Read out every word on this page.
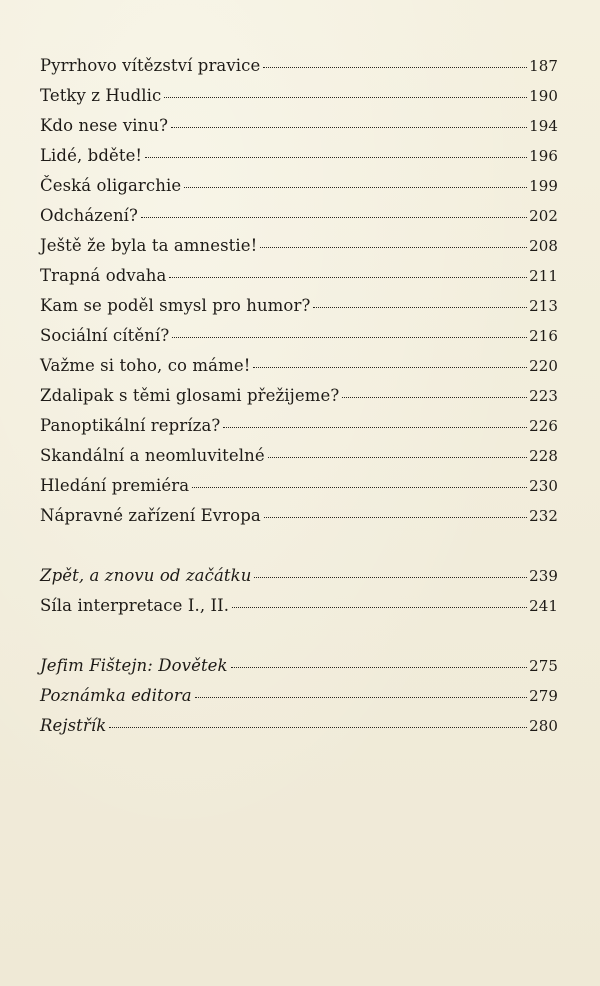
Pyrrhovo vítězství pravice	187
Tetky z Hudlic	190
Kdo nese vinu?	194
Lidé, bděte!	196
Česká oligarchie	199
Odcházení?	202
Ještě že byla ta amnestie!	208
Trapná odvaha	211
Kam se poděl smysl pro humor?	213
Sociální cítění?	216
Važme si toho, co máme!	220
Zdalipak s těmi glosami přežijeme?	223
Panoptikální repríza?	226
Skandální a neomluvitelné	228
Hledání premiéra	230
Nápravné zařízení Evropa	232
Zpět, a znovu od začátku	239
Síla interpretace I., II.	241
Jefim Fištejn: Dovětek	275
Poznámka editora	279
Rejstřík	280
